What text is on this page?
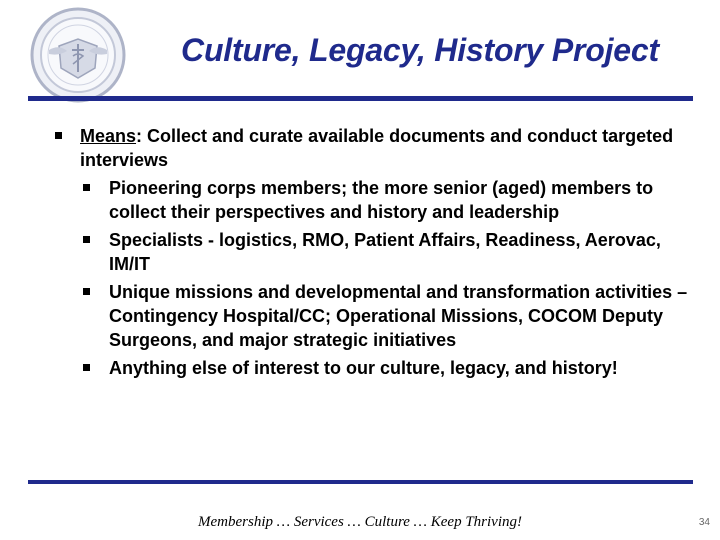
Culture, Legacy, History Project
Means: Collect and curate available documents and conduct targeted interviews
Pioneering corps members; the more senior (aged) members to collect their perspectives and history and leadership
Specialists - logistics, RMO, Patient Affairs, Readiness, Aerovac, IM/IT
Unique missions and developmental and transformation activities – Contingency Hospital/CC; Operational Missions, COCOM Deputy Surgeons, and major strategic initiatives
Anything else of interest to our culture, legacy, and history!
Membership … Services … Culture … Keep Thriving!	34
